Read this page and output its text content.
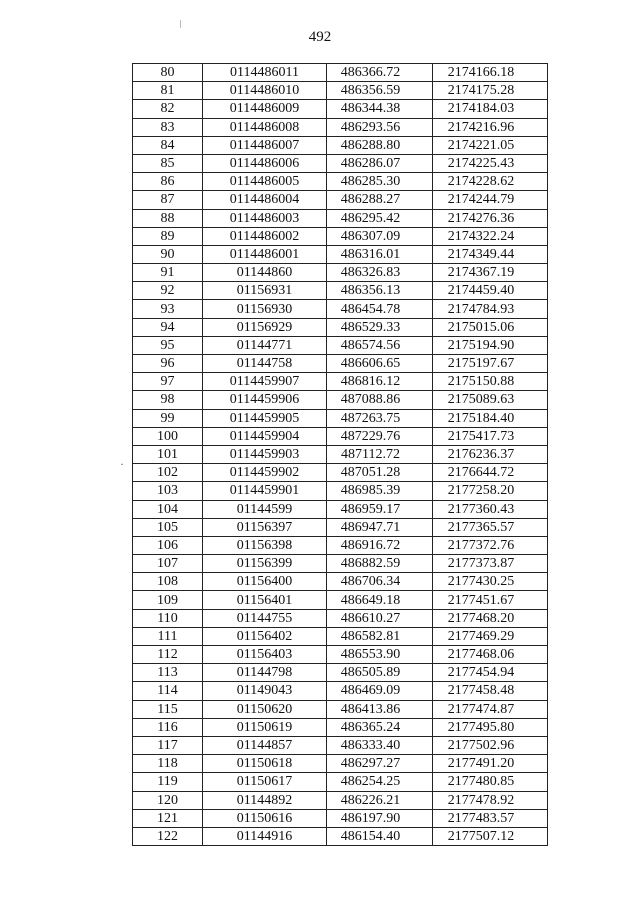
492
·
80	0114486011	486366.72	2174166.18
81	0114486010	486356.59	2174175.28
82	0114486009	486344.38	2174184.03
83	0114486008	486293.56	2174216.96
84	0114486007	486288.80	2174221.05
85	0114486006	486286.07	2174225.43
86	0114486005	486285.30	2174228.62
87	0114486004	486288.27	2174244.79
88	0114486003	486295.42	2174276.36
89	0114486002	486307.09	2174322.24
90	0114486001	486316.01	2174349.44
91	01144860	486326.83	2174367.19
92	01156931	486356.13	2174459.40
93	01156930	486454.78	2174784.93
94	01156929	486529.33	2175015.06
95	01144771	486574.56	2175194.90
96	01144758	486606.65	2175197.67
97	0114459907	486816.12	2175150.88
98	0114459906	487088.86	2175089.63
99	0114459905	487263.75	2175184.40
100	0114459904	487229.76	2175417.73
101	0114459903	487112.72	2176236.37
102	0114459902	487051.28	2176644.72
103	0114459901	486985.39	2177258.20
104	01144599	486959.17	2177360.43
105	01156397	486947.71	2177365.57
106	01156398	486916.72	2177372.76
107	01156399	486882.59	2177373.87
108	01156400	486706.34	2177430.25
109	01156401	486649.18	2177451.67
110	01144755	486610.27	2177468.20
111	01156402	486582.81	2177469.29
112	01156403	486553.90	2177468.06
113	01144798	486505.89	2177454.94
114	01149043	486469.09	2177458.48
115	01150620	486413.86	2177474.87
116	01150619	486365.24	2177495.80
117	01144857	486333.40	2177502.96
118	01150618	486297.27	2177491.20
119	01150617	486254.25	2177480.85
120	01144892	486226.21	2177478.92
121	01150616	486197.90	2177483.57
122	01144916	486154.40	2177507.12
